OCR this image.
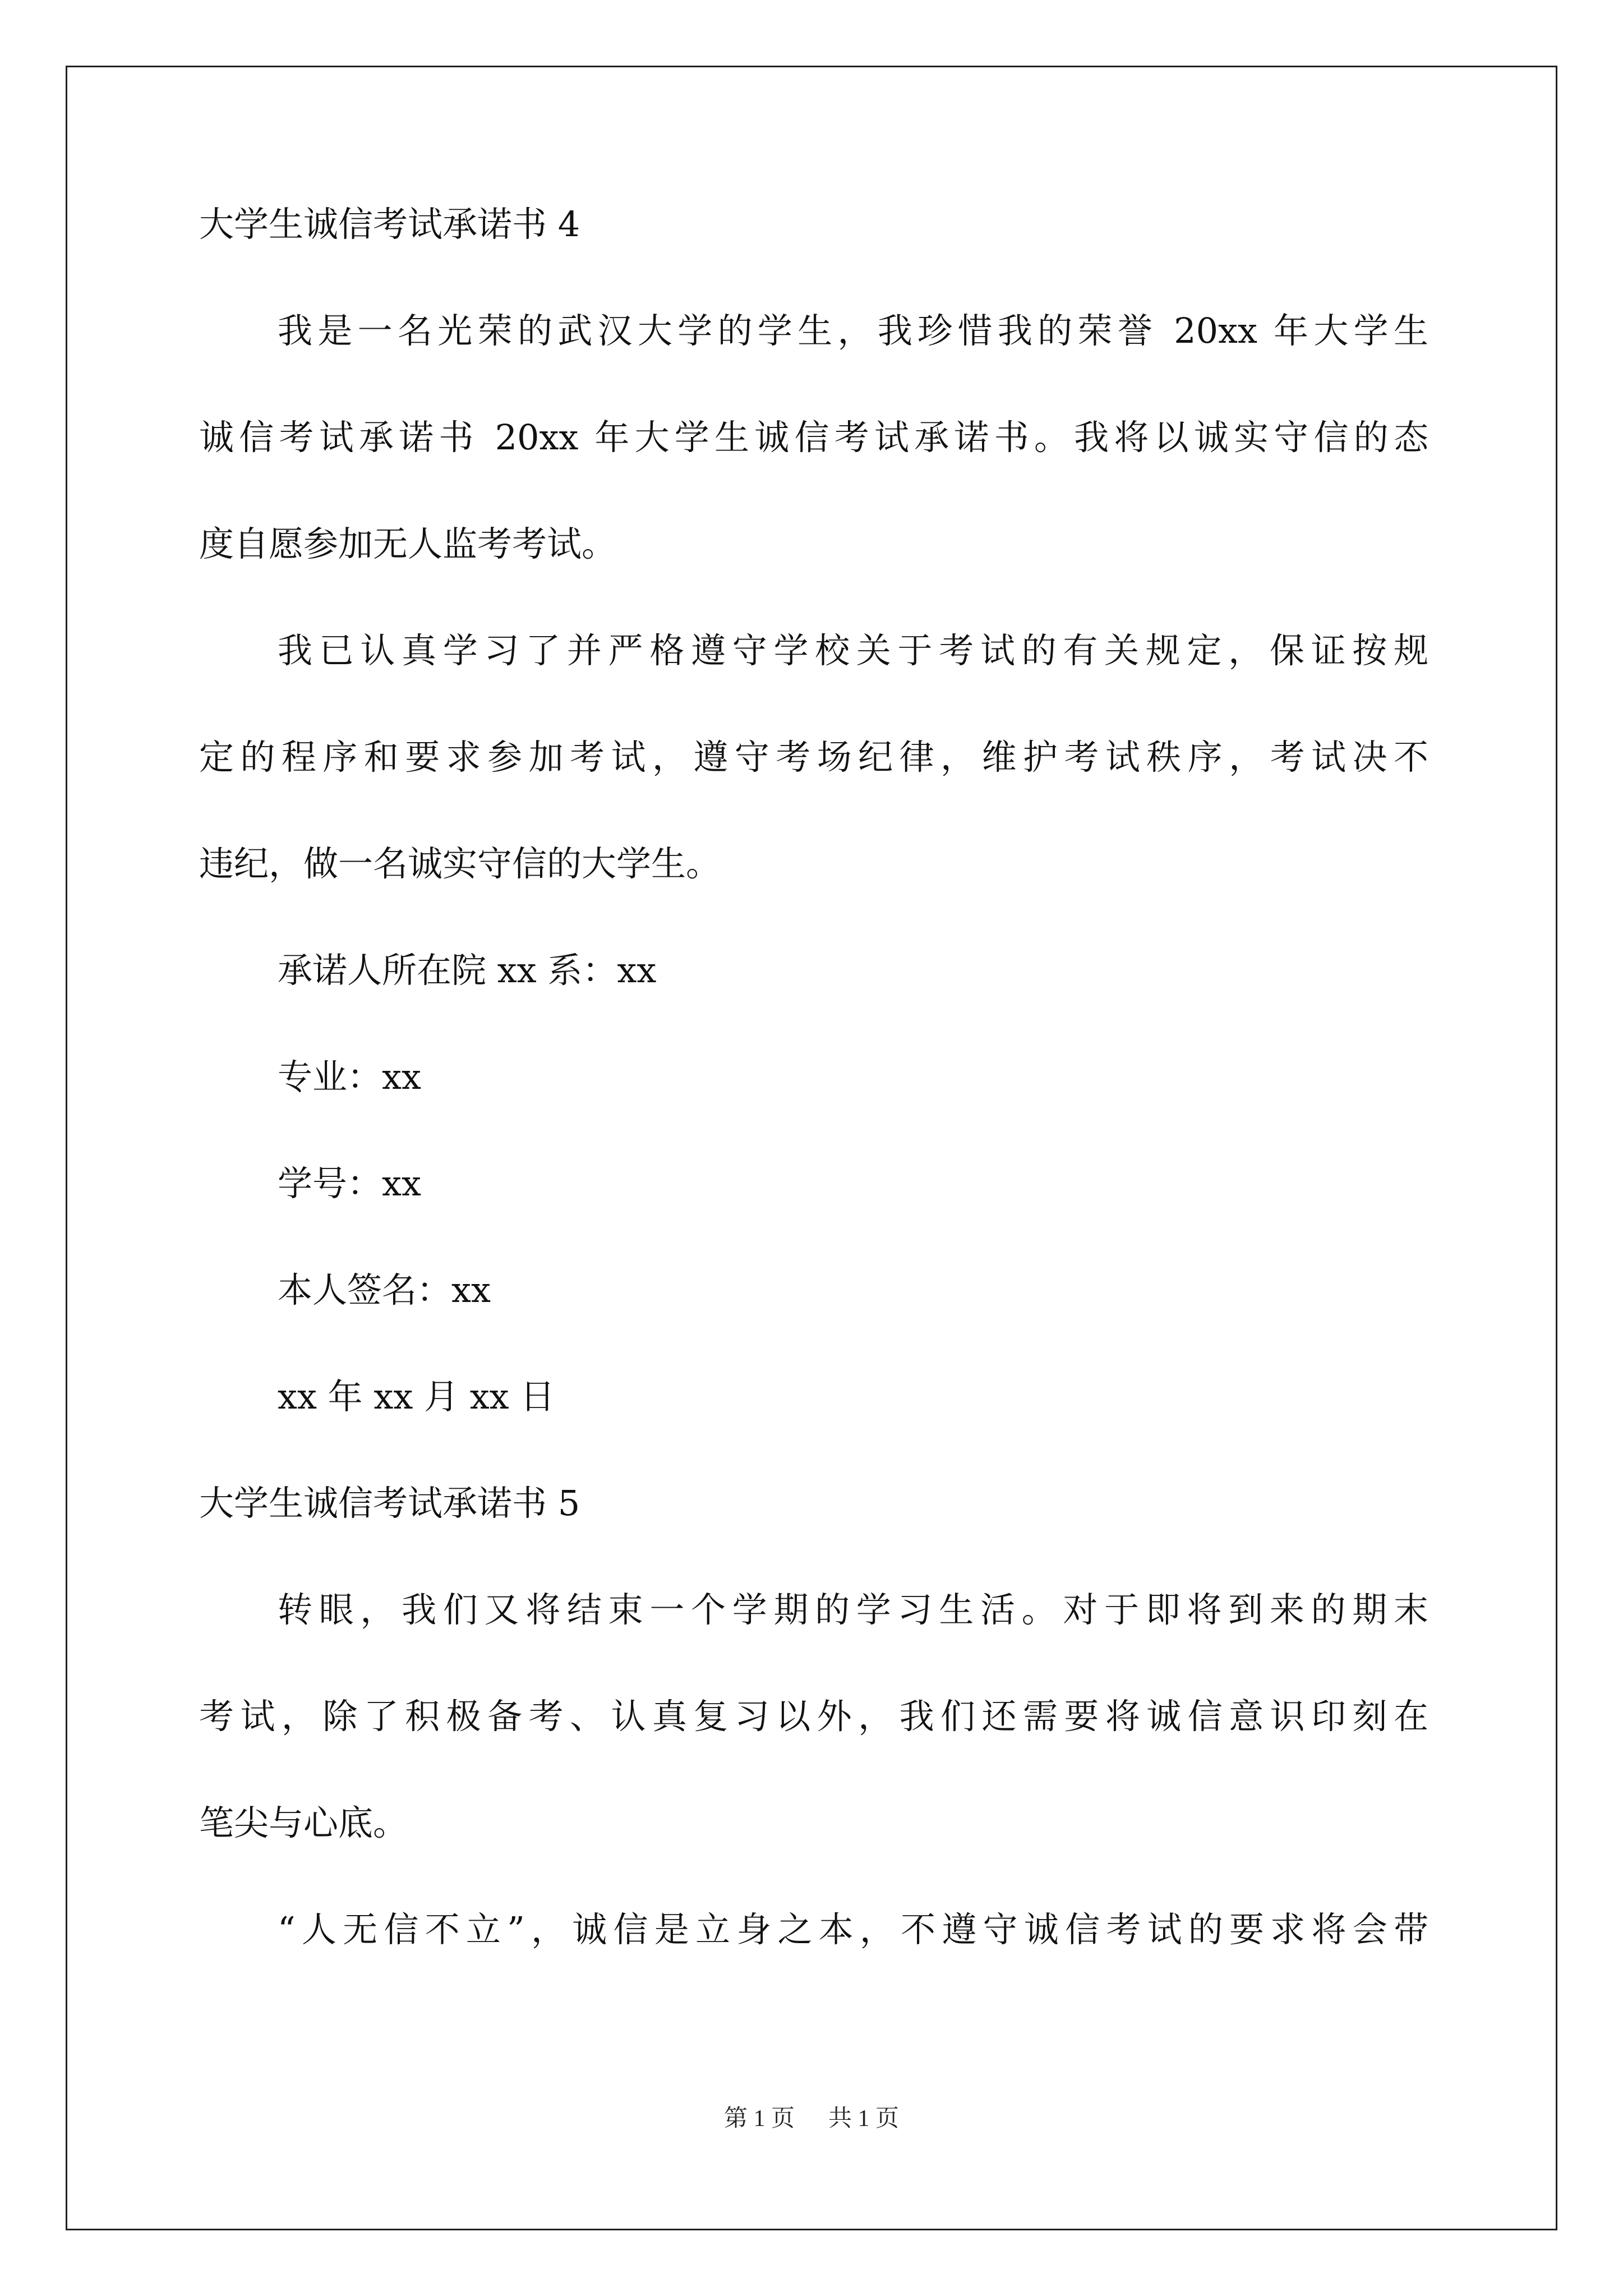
大学生诚信考试承诺书 4

我是一名光荣的武汉大学的学生，我珍惜我的荣誉 20xx 年大学生

诚信考试承诺书 20xx 年大学生诚信考试承诺书。我将以诚实守信的态

度自愿参加无人监考考试。

我已认真学习了并严格遵守学校关于考试的有关规定，保证按规

定的程序和要求参加考试，遵守考场纪律，维护考试秩序，考试决不

违纪，做一名诚实守信的大学生。

承诺人所在院 xx 系：xx

专业：xx

学号：xx

本人签名：xx

xx 年 xx 月 xx 日

大学生诚信考试承诺书 5

转眼，我们又将结束一个学期的学习生活。对于即将到来的期末

考试，除了积极备考、认真复习以外，我们还需要将诚信意识印刻在

笔尖与心底。

“人无信不立”，诚信是立身之本，不遵守诚信考试的要求将会带

第 1 页 共 1 页
